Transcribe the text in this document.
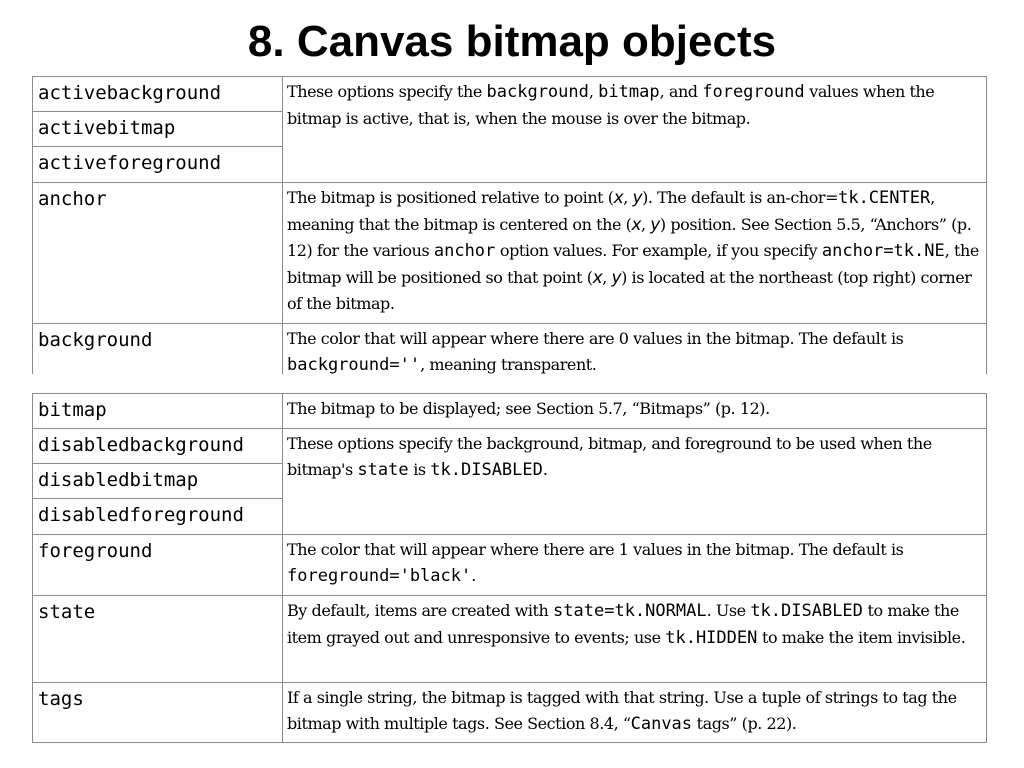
8. Canvas bitmap objects
activebackground	These options specify the background, bitmap, and foreground values when the bitmap is active, that is, when the mouse is over the bitmap.
activebitmap	
activeforeground	
anchor	The bitmap is positioned relative to point (x, y). The default is an-chor=tk.CENTER, meaning that the bitmap is centered on the (x, y) position. See Section 5.5, “Anchors” (p. 12) for the various anchor option values. For example, if you specify anchor=tk.NE, the bitmap will be positioned so that point (x, y) is located at the northeast (top right) corner of the bitmap.
background	The color that will appear where there are 0 values in the bitmap. The default is background='', meaning transparent.
bitmap	The bitmap to be displayed; see Section 5.7, “Bitmaps” (p. 12).
disabledbackground	These options specify the background, bitmap, and foreground to be used when the bitmap's state is tk.DISABLED.
disabledbitmap	
disabledforeground	
foreground	The color that will appear where there are 1 values in the bitmap. The default is foreground='black'.
state	By default, items are created with state=tk.NORMAL. Use tk.DISABLED to make the item grayed out and unresponsive to events; use tk.HIDDEN to make the item invisible.
tags	If a single string, the bitmap is tagged with that string. Use a tuple of strings to tag the bitmap with multiple tags. See Section 8.4, “Canvas tags” (p. 22).
